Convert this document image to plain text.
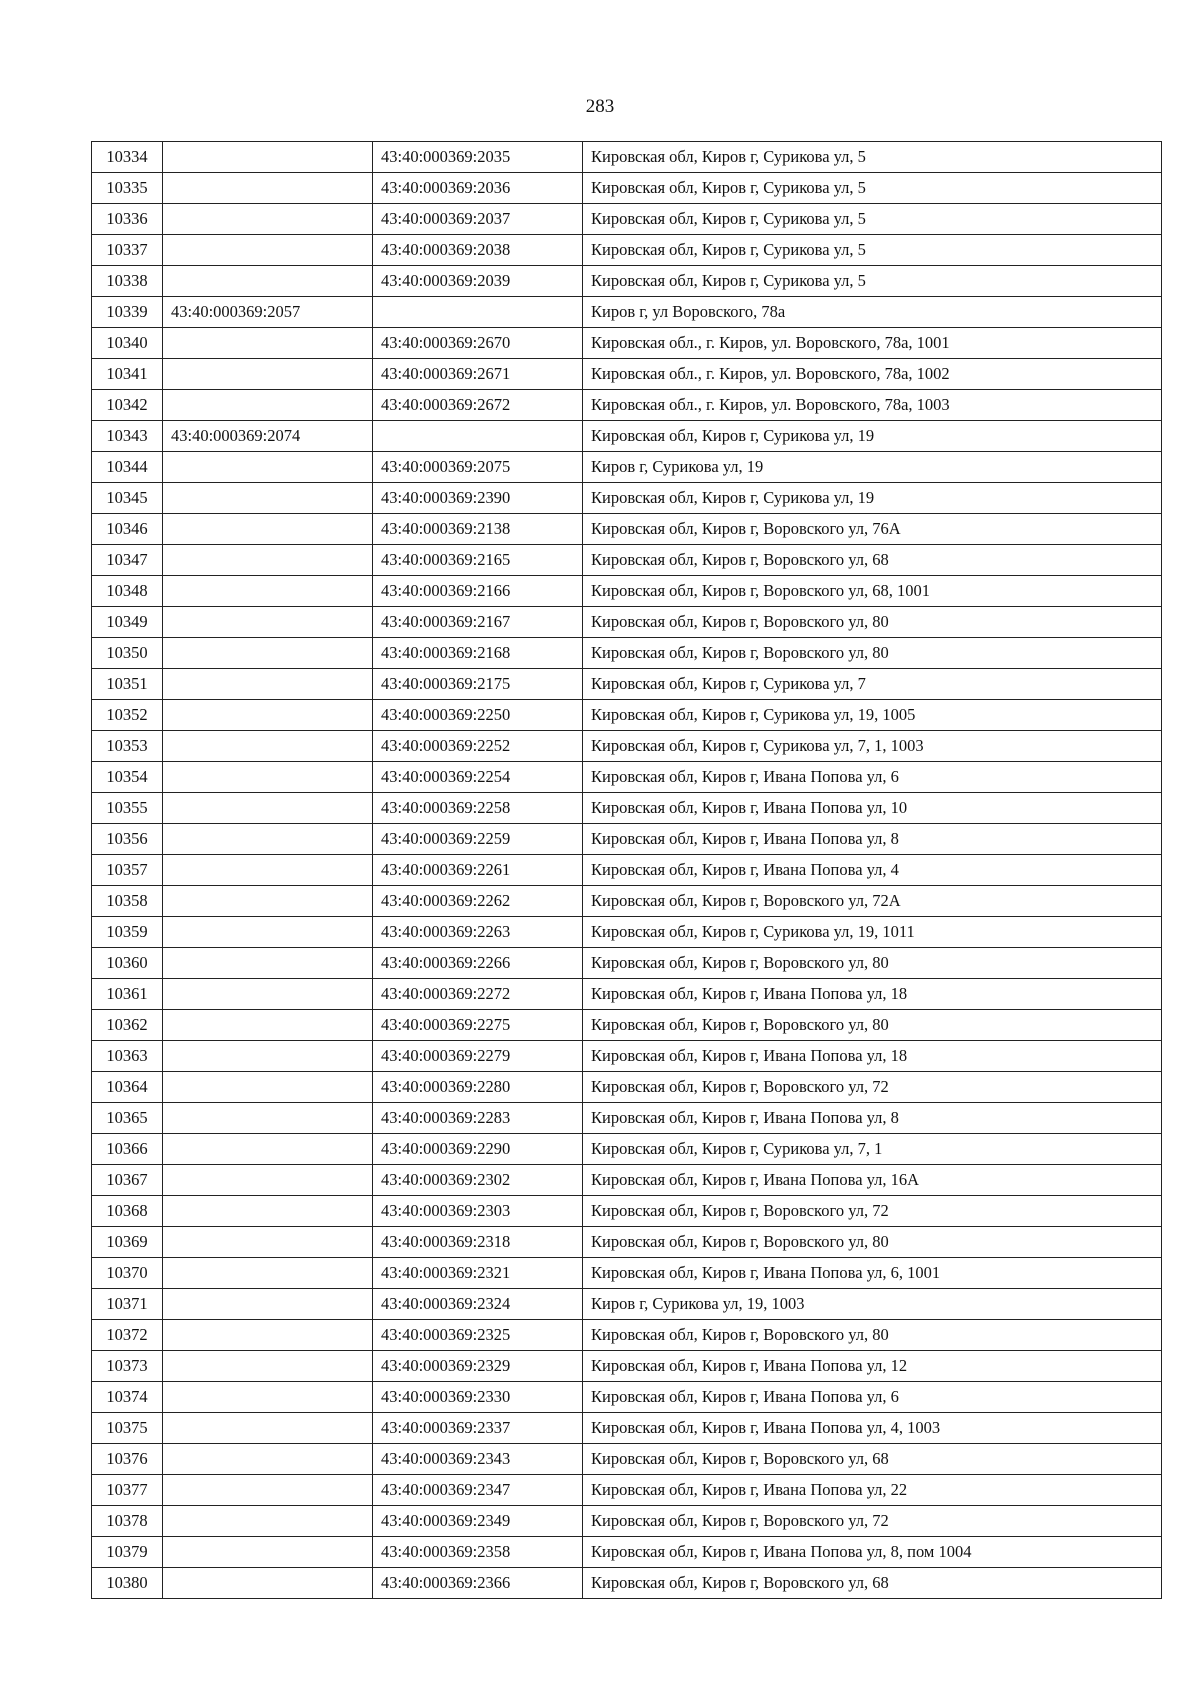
283
10334		43:40:000369:2035	Кировская обл, Киров г, Сурикова ул, 5
10335		43:40:000369:2036	Кировская обл, Киров г, Сурикова ул, 5
10336		43:40:000369:2037	Кировская обл, Киров г, Сурикова ул, 5
10337		43:40:000369:2038	Кировская обл, Киров г, Сурикова ул, 5
10338		43:40:000369:2039	Кировская обл, Киров г, Сурикова ул, 5
10339	43:40:000369:2057		Киров г, ул Воровского, 78а
10340		43:40:000369:2670	Кировская обл., г. Киров, ул. Воровского, 78а, 1001
10341		43:40:000369:2671	Кировская обл., г. Киров, ул. Воровского, 78а, 1002
10342		43:40:000369:2672	Кировская обл., г. Киров, ул. Воровского, 78а, 1003
10343	43:40:000369:2074		Кировская обл, Киров г, Сурикова ул, 19
10344		43:40:000369:2075	Киров г, Сурикова ул, 19
10345		43:40:000369:2390	Кировская обл, Киров г, Сурикова ул, 19
10346		43:40:000369:2138	Кировская обл, Киров г, Воровского ул, 76А
10347		43:40:000369:2165	Кировская обл, Киров г, Воровского ул, 68
10348		43:40:000369:2166	Кировская обл, Киров г, Воровского ул, 68, 1001
10349		43:40:000369:2167	Кировская обл, Киров г, Воровского ул, 80
10350		43:40:000369:2168	Кировская обл, Киров г, Воровского ул, 80
10351		43:40:000369:2175	Кировская обл, Киров г, Сурикова ул, 7
10352		43:40:000369:2250	Кировская обл, Киров г, Сурикова ул, 19, 1005
10353		43:40:000369:2252	Кировская обл, Киров г, Сурикова ул, 7, 1, 1003
10354		43:40:000369:2254	Кировская обл, Киров г, Ивана Попова ул, 6
10355		43:40:000369:2258	Кировская обл, Киров г, Ивана Попова ул, 10
10356		43:40:000369:2259	Кировская обл, Киров г, Ивана Попова ул, 8
10357		43:40:000369:2261	Кировская обл, Киров г, Ивана Попова ул, 4
10358		43:40:000369:2262	Кировская обл, Киров г, Воровского ул, 72А
10359		43:40:000369:2263	Кировская обл, Киров г, Сурикова ул, 19, 1011
10360		43:40:000369:2266	Кировская обл, Киров г, Воровского ул, 80
10361		43:40:000369:2272	Кировская обл, Киров г, Ивана Попова ул, 18
10362		43:40:000369:2275	Кировская обл, Киров г, Воровского ул, 80
10363		43:40:000369:2279	Кировская обл, Киров г, Ивана Попова ул, 18
10364		43:40:000369:2280	Кировская обл, Киров г, Воровского ул, 72
10365		43:40:000369:2283	Кировская обл, Киров г, Ивана Попова ул, 8
10366		43:40:000369:2290	Кировская обл, Киров г, Сурикова ул, 7, 1
10367		43:40:000369:2302	Кировская обл, Киров г, Ивана Попова ул, 16А
10368		43:40:000369:2303	Кировская обл, Киров г, Воровского ул, 72
10369		43:40:000369:2318	Кировская обл, Киров г, Воровского ул, 80
10370		43:40:000369:2321	Кировская обл, Киров г, Ивана Попова ул, 6, 1001
10371		43:40:000369:2324	Киров г, Сурикова ул, 19, 1003
10372		43:40:000369:2325	Кировская обл, Киров г, Воровского ул, 80
10373		43:40:000369:2329	Кировская обл, Киров г, Ивана Попова ул, 12
10374		43:40:000369:2330	Кировская обл, Киров г, Ивана Попова ул, 6
10375		43:40:000369:2337	Кировская обл, Киров г, Ивана Попова ул, 4, 1003
10376		43:40:000369:2343	Кировская обл, Киров г, Воровского ул, 68
10377		43:40:000369:2347	Кировская обл, Киров г, Ивана Попова ул, 22
10378		43:40:000369:2349	Кировская обл, Киров г, Воровского ул, 72
10379		43:40:000369:2358	Кировская обл, Киров г, Ивана Попова ул, 8, пом 1004
10380		43:40:000369:2366	Кировская обл, Киров г, Воровского ул, 68
